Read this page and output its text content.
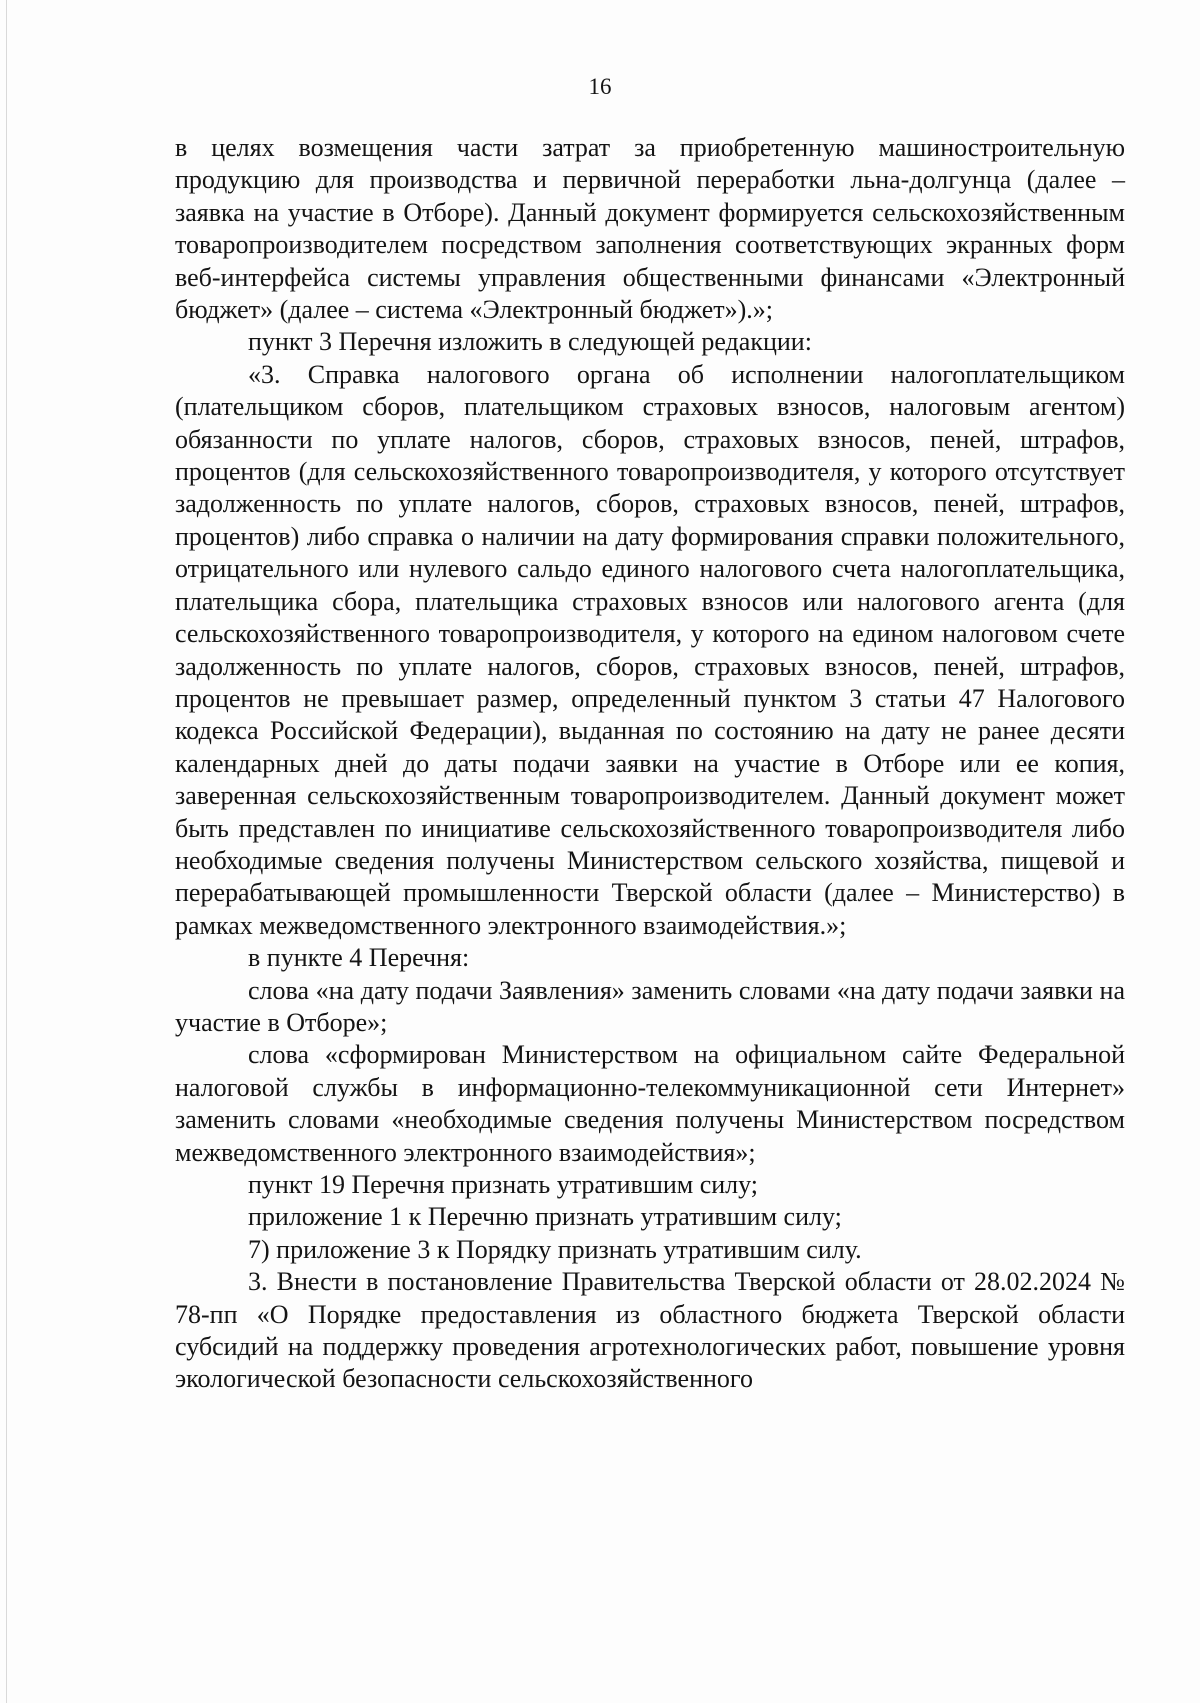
16

в целях возмещения части затрат за приобретенную машиностроительную продукцию для производства и первичной переработки льна-долгунца (далее – заявка на участие в Отборе). Данный документ формируется сельскохозяйственным товаропроизводителем посредством заполнения соответствующих экранных форм веб-интерфейса системы управления общественными финансами «Электронный бюджет» (далее – система «Электронный бюджет»).»;

пункт 3 Перечня изложить в следующей редакции:

«3. Справка налогового органа об исполнении налогоплательщиком (плательщиком сборов, плательщиком страховых взносов, налоговым агентом) обязанности по уплате налогов, сборов, страховых взносов, пеней, штрафов, процентов (для сельскохозяйственного товаропроизводителя, у которого отсутствует задолженность по уплате налогов, сборов, страховых взносов, пеней, штрафов, процентов) либо справка о наличии на дату формирования справки положительного, отрицательного или нулевого сальдо единого налогового счета налогоплательщика, плательщика сбора, плательщика страховых взносов или налогового агента (для сельскохозяйственного товаропроизводителя, у которого на едином налоговом счете задолженность по уплате налогов, сборов, страховых взносов, пеней, штрафов, процентов не превышает размер, определенный пунктом 3 статьи 47 Налогового кодекса Российской Федерации), выданная по состоянию на дату не ранее десяти календарных дней до даты подачи заявки на участие в Отборе или ее копия, заверенная сельскохозяйственным товаропроизводителем. Данный документ может быть представлен по инициативе сельскохозяйственного товаропроизводителя либо необходимые сведения получены Министерством сельского хозяйства, пищевой и перерабатывающей промышленности Тверской области (далее – Министерство) в рамках межведомственного электронного взаимодействия.»;

в пункте 4 Перечня:

слова «на дату подачи Заявления» заменить словами «на дату подачи заявки на участие в Отборе»;

слова «сформирован Министерством на официальном сайте Федеральной налоговой службы в информационно-телекоммуникационной сети Интернет» заменить словами «необходимые сведения получены Министерством посредством межведомственного электронного взаимодействия»;

пункт 19 Перечня признать утратившим силу;

приложение 1 к Перечню признать утратившим силу;

7) приложение 3 к Порядку признать утратившим силу.

3. Внести в постановление Правительства Тверской области от 28.02.2024 № 78-пп «О Порядке предоставления из областного бюджета Тверской области субсидий на поддержку проведения агротехнологических работ, повышение уровня экологической безопасности сельскохозяйственного
